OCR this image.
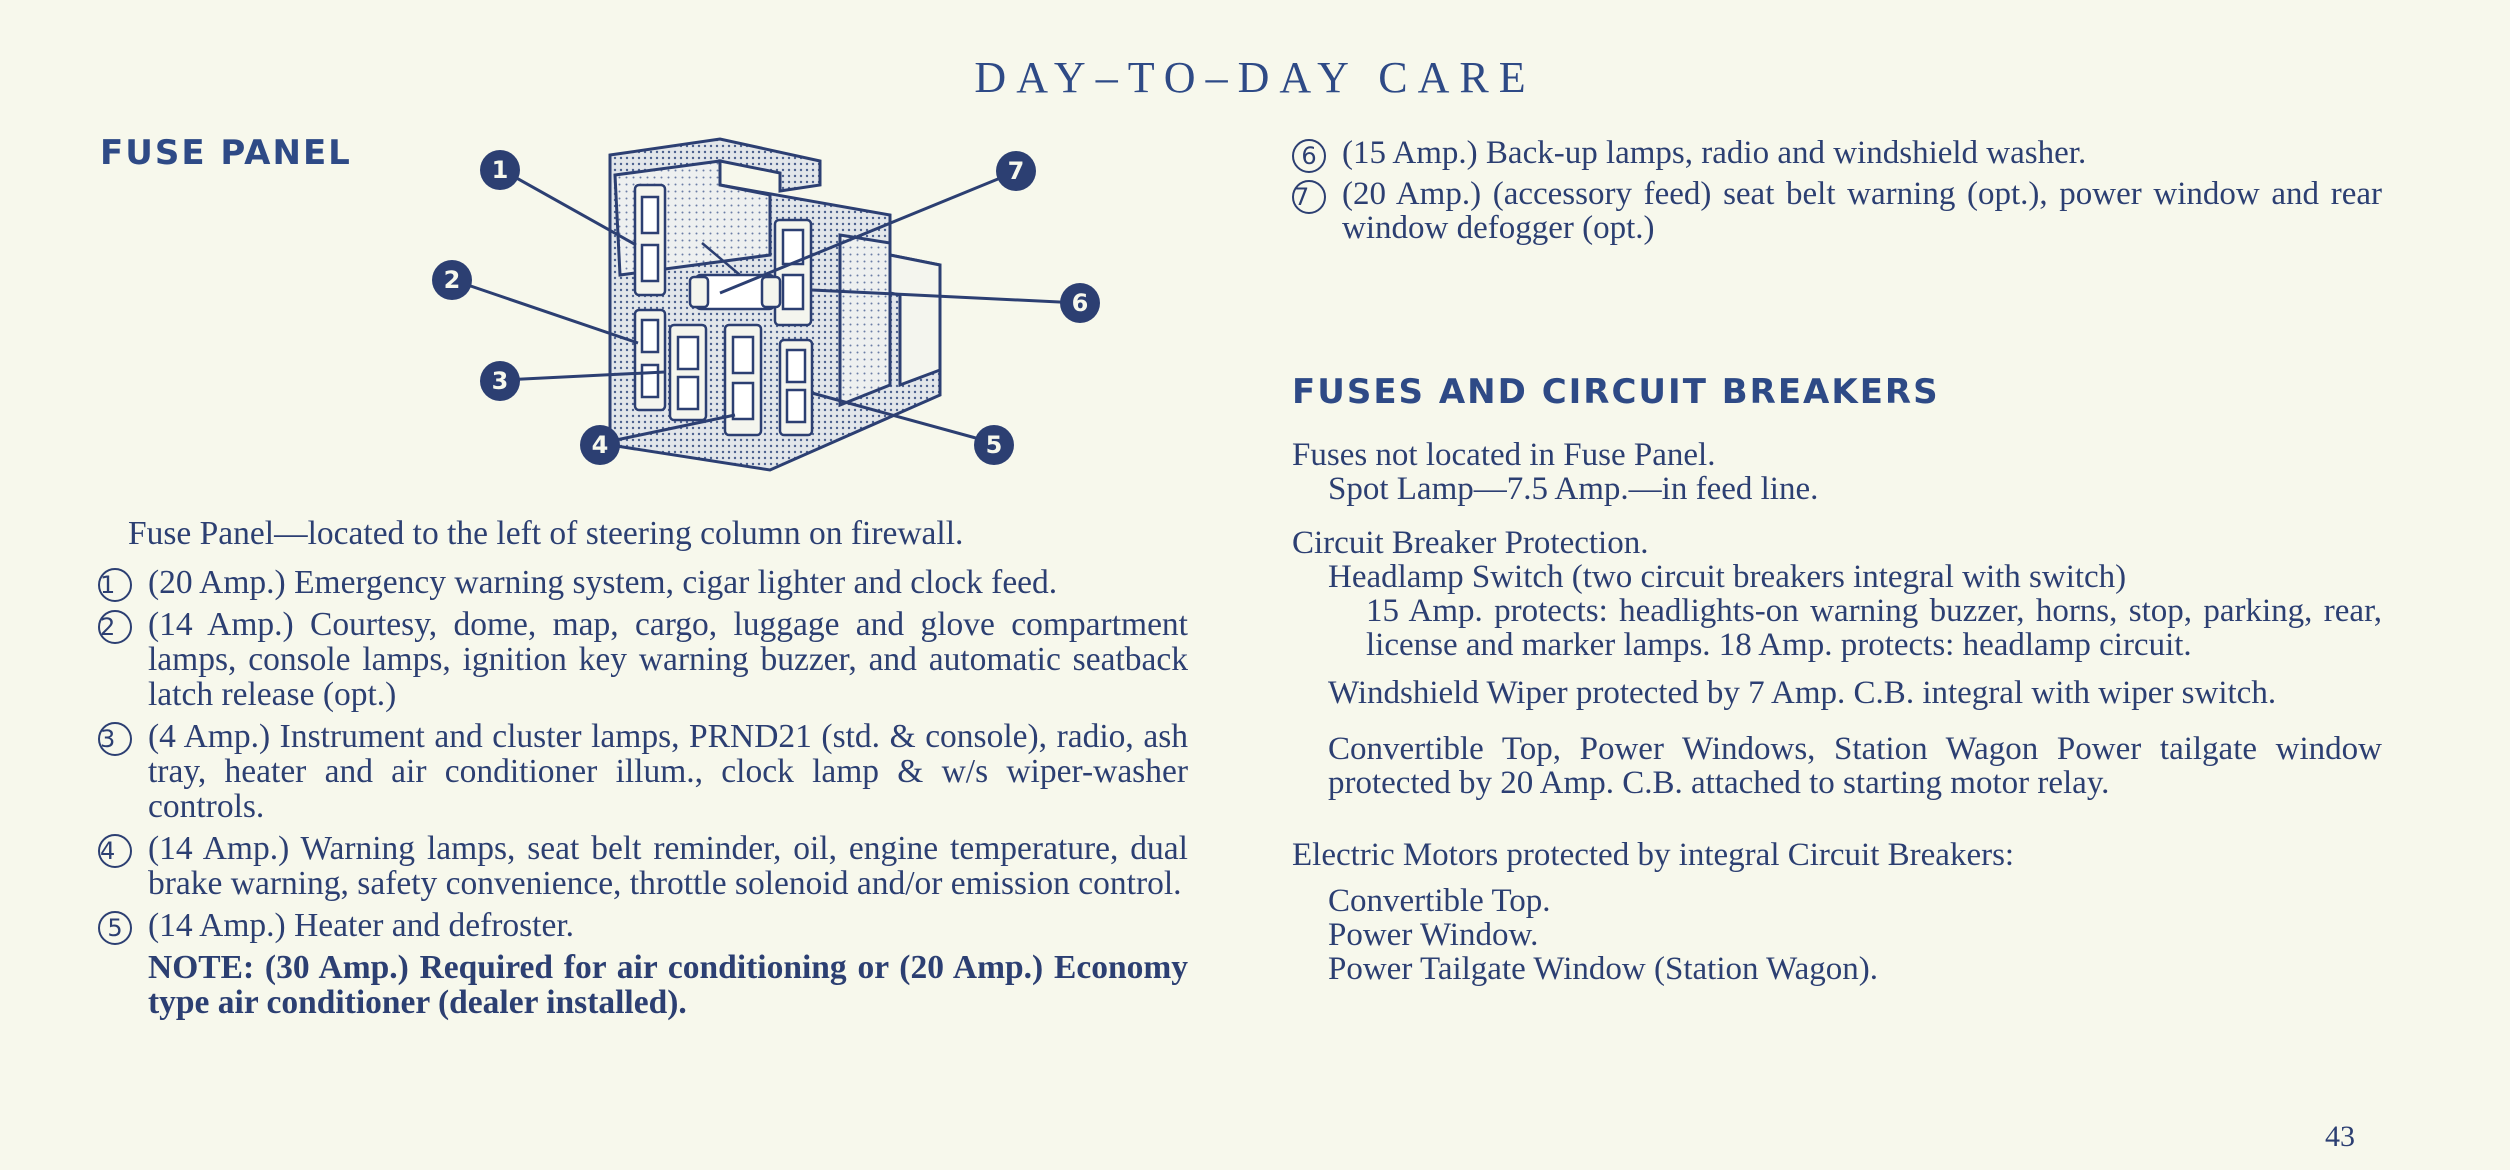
DAY–TO–DAY CARE
FUSE PANEL	1
2
3
4	5
6
7
Fuse Panel—located to the left of steering column on firewall.
1 (20 Amp.) Emergency warning system, cigar lighter and clock feed.
2 (14 Amp.) Courtesy, dome, map, cargo, luggage and glove compartment lamps, console lamps, ignition key warning buzzer, and automatic seatback latch release (opt.)
3 (4 Amp.) Instrument and cluster lamps, PRND21 (std. & console), radio, ash tray, heater and air conditioner illum., clock lamp & w/s wiper-washer controls.
4 (14 Amp.) Warning lamps, seat belt reminder, oil, engine temperature, dual brake warning, safety convenience, throttle solenoid and/or emission control.
5 (14 Amp.) Heater and defroster.
NOTE: (30 Amp.) Required for air conditioning or (20 Amp.) Economy type air conditioner (dealer installed).
6 (15 Amp.) Back-up lamps, radio and windshield washer.
7 (20 Amp.) (accessory feed) seat belt warning (opt.), power window and rear window defogger (opt.)
FUSES AND CIRCUIT BREAKERS
Fuses not located in Fuse Panel.
Spot Lamp—7.5 Amp.—in feed line.
Circuit Breaker Protection.
Headlamp Switch (two circuit breakers integral with switch)
15 Amp. protects: headlights-on warning buzzer, horns, stop, parking, rear, license and marker lamps. 18 Amp. protects: headlamp circuit.
Windshield Wiper protected by 7 Amp. C.B. integral with wiper switch.
Convertible Top, Power Windows, Station Wagon Power tailgate window protected by 20 Amp. C.B. attached to starting motor relay.
Electric Motors protected by integral Circuit Breakers:
Convertible Top.
Power Window.
Power Tailgate Window (Station Wagon).
43
